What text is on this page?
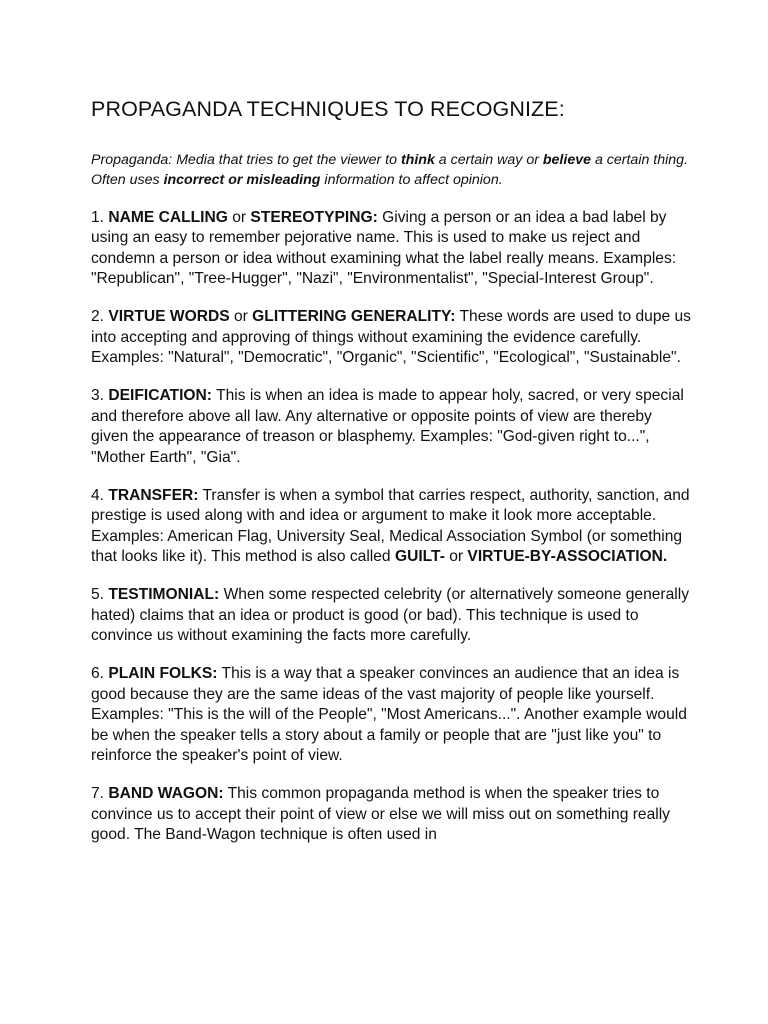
PROPAGANDA TECHNIQUES TO RECOGNIZE:

Propaganda: Media that tries to get the viewer to think a certain way or believe a certain thing. Often uses incorrect or misleading information to affect opinion.

1. NAME CALLING or STEREOTYPING: Giving a person or an idea a bad label by using an easy to remember pejorative name. This is used to make us reject and condemn a person or idea without examining what the label really means. Examples: "Republican", "Tree-Hugger", "Nazi", "Environmentalist", "Special-Interest Group".

2. VIRTUE WORDS or GLITTERING GENERALITY: These words are used to dupe us into accepting and approving of things without examining the evidence carefully. Examples: "Natural", "Democratic", "Organic", "Scientific", "Ecological", "Sustainable".

3. DEIFICATION: This is when an idea is made to appear holy, sacred, or very special and therefore above all law. Any alternative or opposite points of view are thereby given the appearance of treason or blasphemy. Examples: "God-given right to...", "Mother Earth", "Gia".

4. TRANSFER: Transfer is when a symbol that carries respect, authority, sanction, and prestige is used along with and idea or argument to make it look more acceptable. Examples: American Flag, University Seal, Medical Association Symbol (or something that looks like it). This method is also called GUILT- or VIRTUE-BY-ASSOCIATION.

5. TESTIMONIAL: When some respected celebrity (or alternatively someone generally hated) claims that an idea or product is good (or bad). This technique is used to convince us without examining the facts more carefully.

6. PLAIN FOLKS: This is a way that a speaker convinces an audience that an idea is good because they are the same ideas of the vast majority of people like yourself. Examples: "This is the will of the People", "Most Americans...". Another example would be when the speaker tells a story about a family or people that are "just like you" to reinforce the speaker's point of view.

7. BAND WAGON: This common propaganda method is when the speaker tries to convince us to accept their point of view or else we will miss out on something really good. The Band-Wagon technique is often used in
